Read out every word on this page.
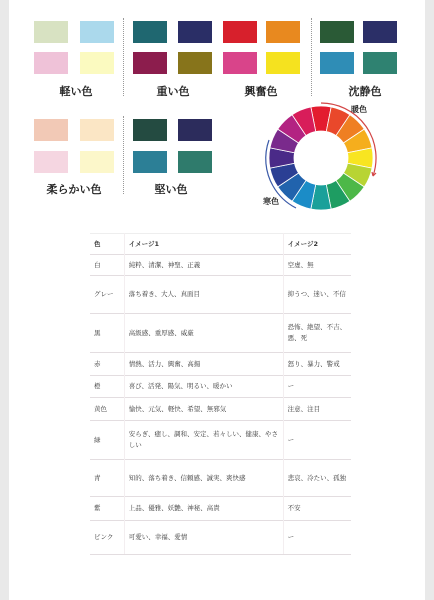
軽い色	重い色	興奮色	沈静色
柔らかい色	堅い色
暖色
寒色
色	イメージ1	イメージ2
白	純粋、清潔、神聖、正義	空虚、無
グレー	落ち着き、大人、真面目	抑うつ、迷い、不信
黒	高級感、重厚感、威厳	恐怖、絶望、不吉、悪、死
赤	情熱、活力、興奮、高揚	怒り、暴力、警戒
橙	喜び、活発、陽気、明るい、暖かい	ー
黄色	愉快、元気、軽快、希望、無邪気	注意、注目
緑	安らぎ、癒し、調和、安定、若々しい、健康、やさしい	ー
青	知的、落ち着き、信頼感、誠実、爽快感	悲哀、冷たい、孤独
紫	上品、優雅、妖艶、神秘、高貴	不安
ピンク	可愛い、幸福、愛情	ー
